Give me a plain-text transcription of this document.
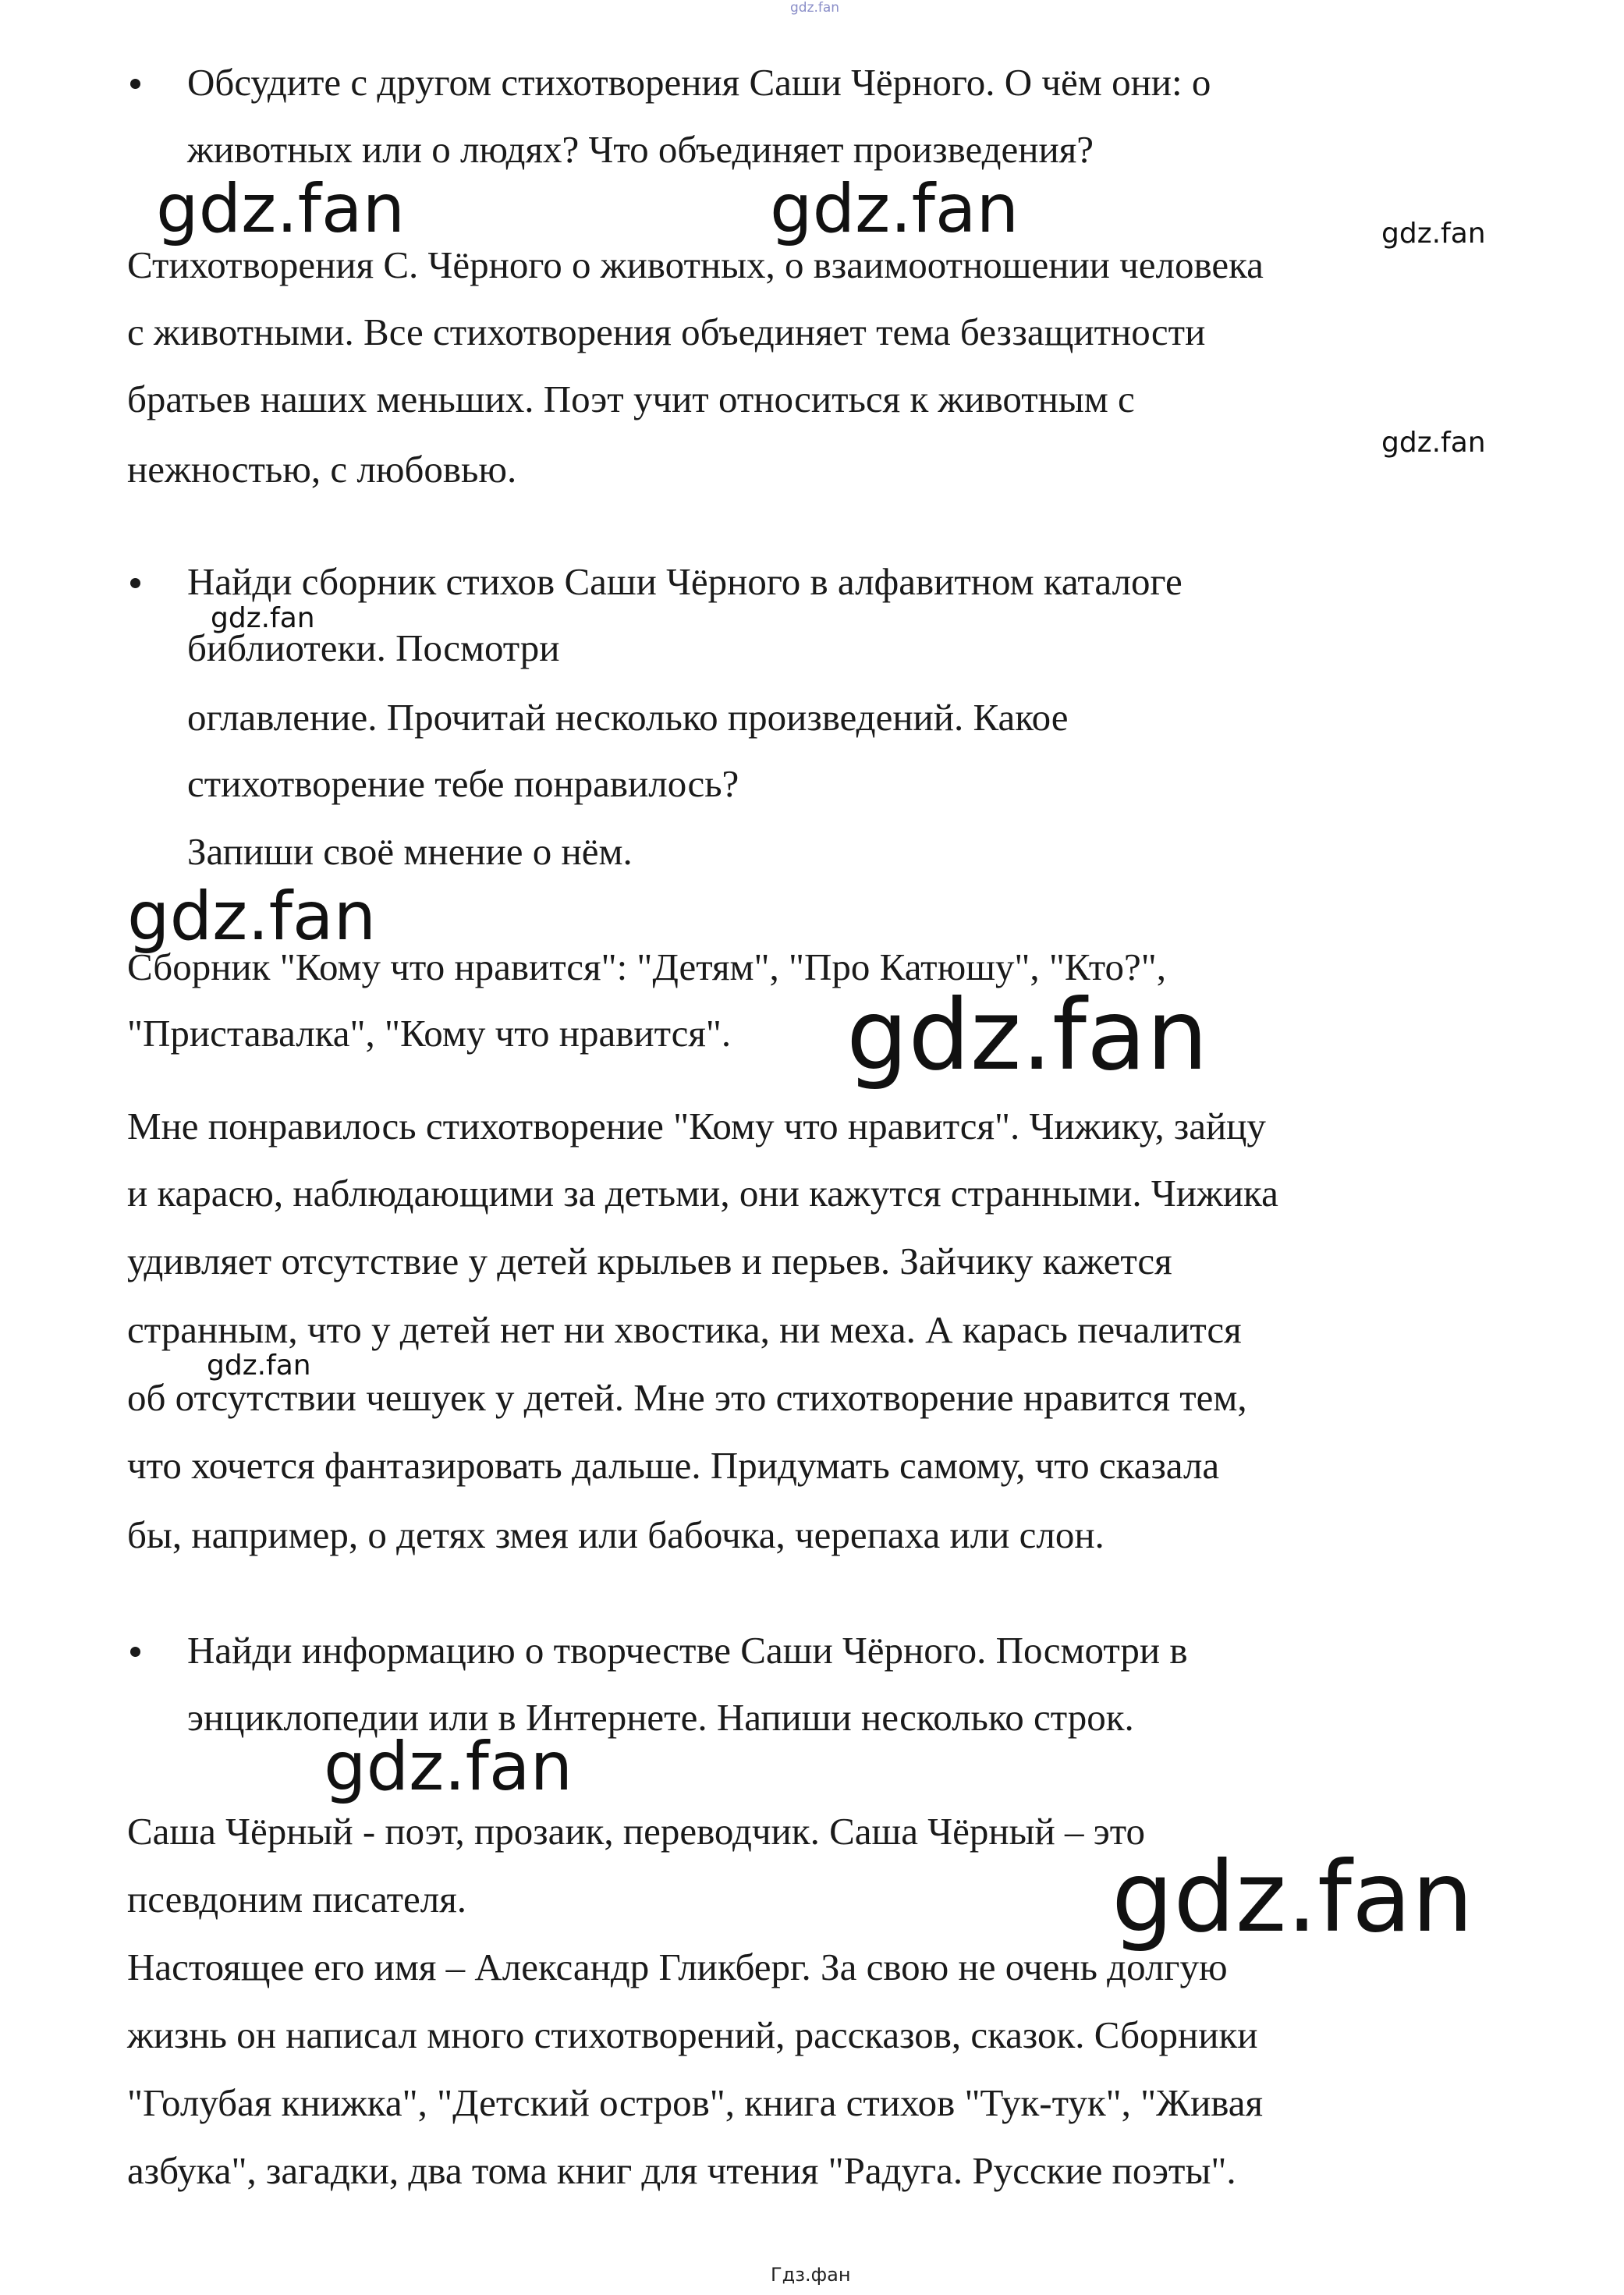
gdz.fan
Обсудите с другом стихотворения Саши Чёрного. О чём они: о
животных или о людях? Что объединяет произведения?
Стихотворения С. Чёрного о животных, о взаимоотношении человека
с животными. Все стихотворения объединяет тема беззащитности
братьев наших меньших. Поэт учит относиться к животным с
нежностью, с любовью.
Найди сборник стихов Саши Чёрного в алфавитном каталоге
библиотеки. Посмотри
оглавление. Прочитай несколько произведений. Какое
стихотворение тебе понравилось?
Запиши своё мнение о нём.
Сборник "Кому что нравится": "Детям", "Про Катюшу", "Кто?",
"Приставалка", "Кому что нравится".
Мне понравилось стихотворение "Кому что нравится". Чижику, зайцу
и карасю, наблюдающими за детьми, они кажутся странными. Чижика
удивляет отсутствие у детей крыльев и перьев. Зайчику кажется
странным, что у детей нет ни хвостика, ни меха. А карась печалится
об отсутствии чешуек у детей. Мне это стихотворение нравится тем,
что хочется фантазировать дальше. Придумать самому, что сказала
бы, например, о детях змея или бабочка, черепаха или слон.
Найди информацию о творчестве Саши Чёрного. Посмотри в
энциклопедии или в Интернете. Напиши несколько строк.
Саша Чёрный - поэт, прозаик, переводчик. Саша Чёрный – это
псевдоним писателя.
Настоящее его имя – Александр Гликберг. За свою не очень долгую
жизнь он написал много стихотворений, рассказов, сказок. Сборники
"Голубая книжка", "Детский остров", книга стихов "Тук-тук", "Живая
азбука", загадки, два тома книг для чтения "Радуга. Русские поэты".
gdz.fan	gdz.fan	gdz.fan
gdz.fan
gdz.fan
gdz.fan
gdz.fan
gdz.fan
gdz.fan
gdz.fan
Гдз.фан
